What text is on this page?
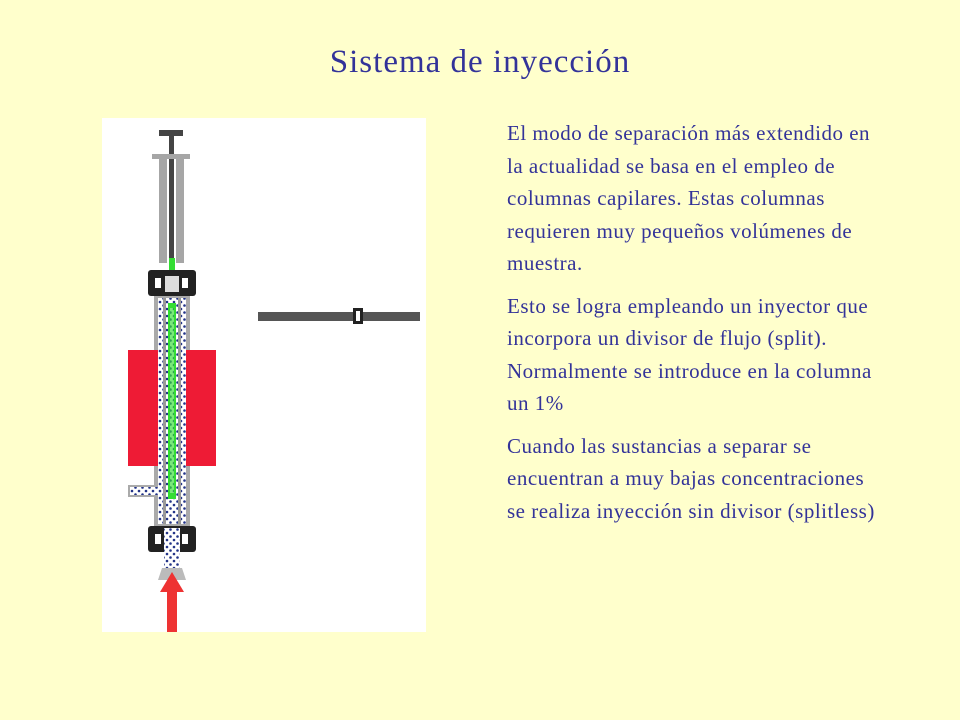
Sistema de inyección

El modo de separación más extendido en la actualidad se basa en el empleo de columnas capilares. Estas columnas requieren muy pequeños volúmenes de muestra.

Esto se logra empleando un inyector que incorpora un divisor de flujo (split). Normalmente se introduce en la columna un 1%

Cuando las sustancias a separar se encuentran a muy bajas concentraciones se realiza inyección sin divisor (splitless)
